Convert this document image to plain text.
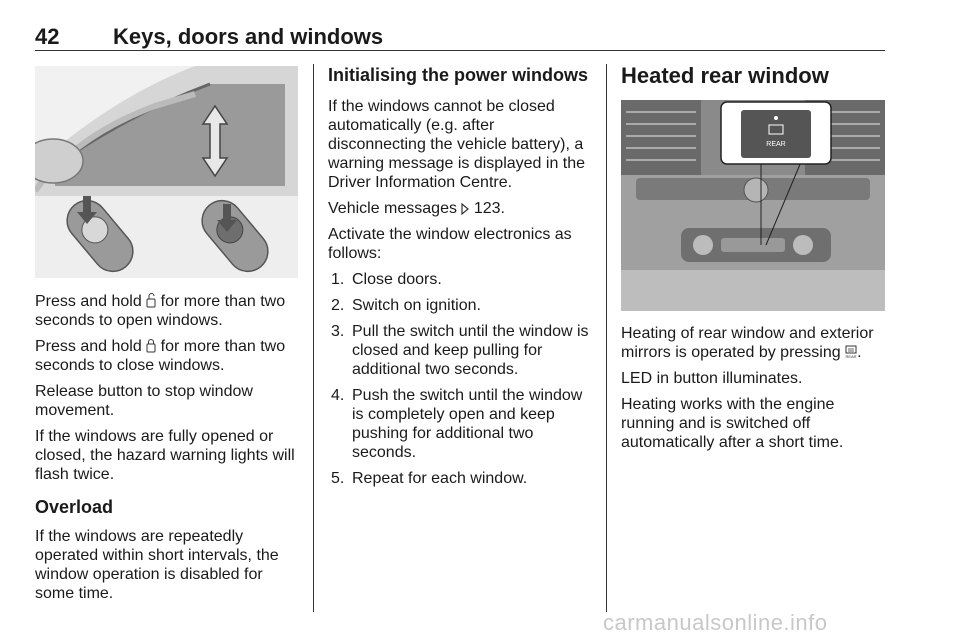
42 Keys, doors and windows

Press and hold  for more than two seconds to open windows.

Press and hold  for more than two seconds to close windows.

Release button to stop window movement.

If the windows are fully opened or closed, the hazard warning lights will flash twice.

Overload

If the windows are repeatedly operated within short intervals, the window operation is disabled for some time.

Initialising the power windows

If the windows cannot be closed automatically (e.g. after disconnecting the vehicle battery), a warning message is displayed in the Driver Information Centre.

Vehicle messages  123.

Activate the window electronics as follows:

1. Close doors.
2. Switch on ignition.
3. Pull the switch until the window is closed and keep pulling for additional two seconds.
4. Push the switch until the window is completely open and keep pushing for additional two seconds.
5. Repeat for each window.
Heated rear window
REAR

Heating of rear window and exterior mirrors is operated by pressing REAR .

LED in button illuminates.

Heating works with the engine running and is switched off automatically after a short time.

carmanualsonline.info
